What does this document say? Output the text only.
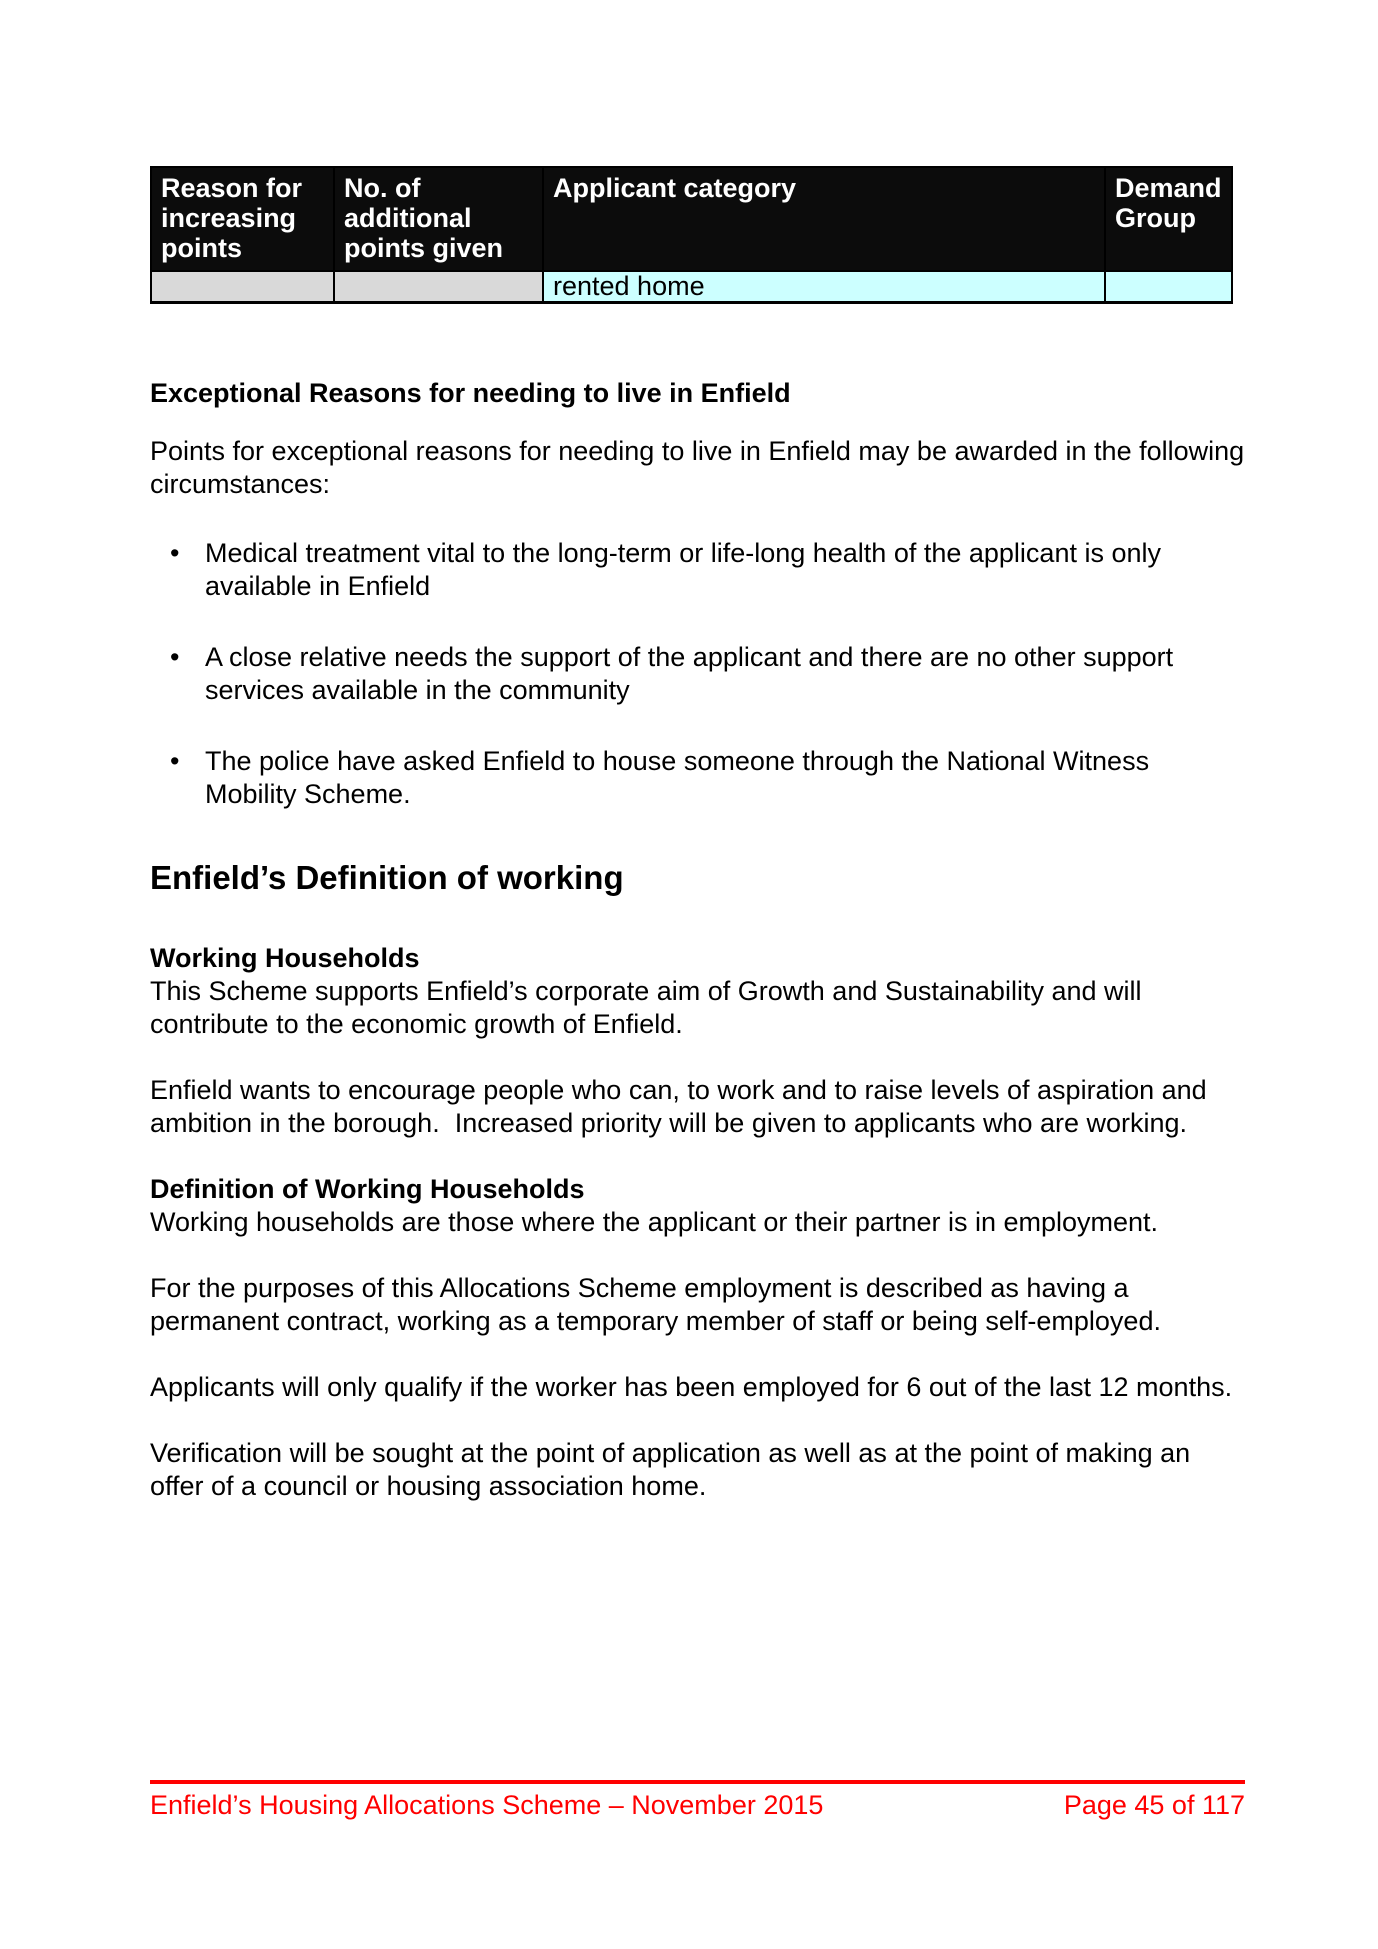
Reason for increasing points	No. of additional points given	Applicant category	Demand Group
		rented home	
Exceptional Reasons for needing to live in Enfield

Points for exceptional reasons for needing to live in Enfield may be awarded in the following circumstances:

• Medical treatment vital to the long-term or life-long health of the applicant is only available in Enfield
• A close relative needs the support of the applicant and there are no other support services available in the community
• The police have asked Enfield to house someone through the National Witness Mobility Scheme.
Enfield’s Definition of working
Working Households

This Scheme supports Enfield’s corporate aim of Growth and Sustainability and will contribute to the economic growth of Enfield.

Enfield wants to encourage people who can, to work and to raise levels of aspiration and ambition in the borough.  Increased priority will be given to applicants who are working.

Definition of Working Households

Working households are those where the applicant or their partner is in employment.

For the purposes of this Allocations Scheme employment is described as having a permanent contract, working as a temporary member of staff or being self-employed.

Applicants will only qualify if the worker has been employed for 6 out of the last 12 months.

Verification will be sought at the point of application as well as at the point of making an offer of a council or housing association home.

Enfield’s Housing Allocations Scheme – November 2015	Page 45 of 117
